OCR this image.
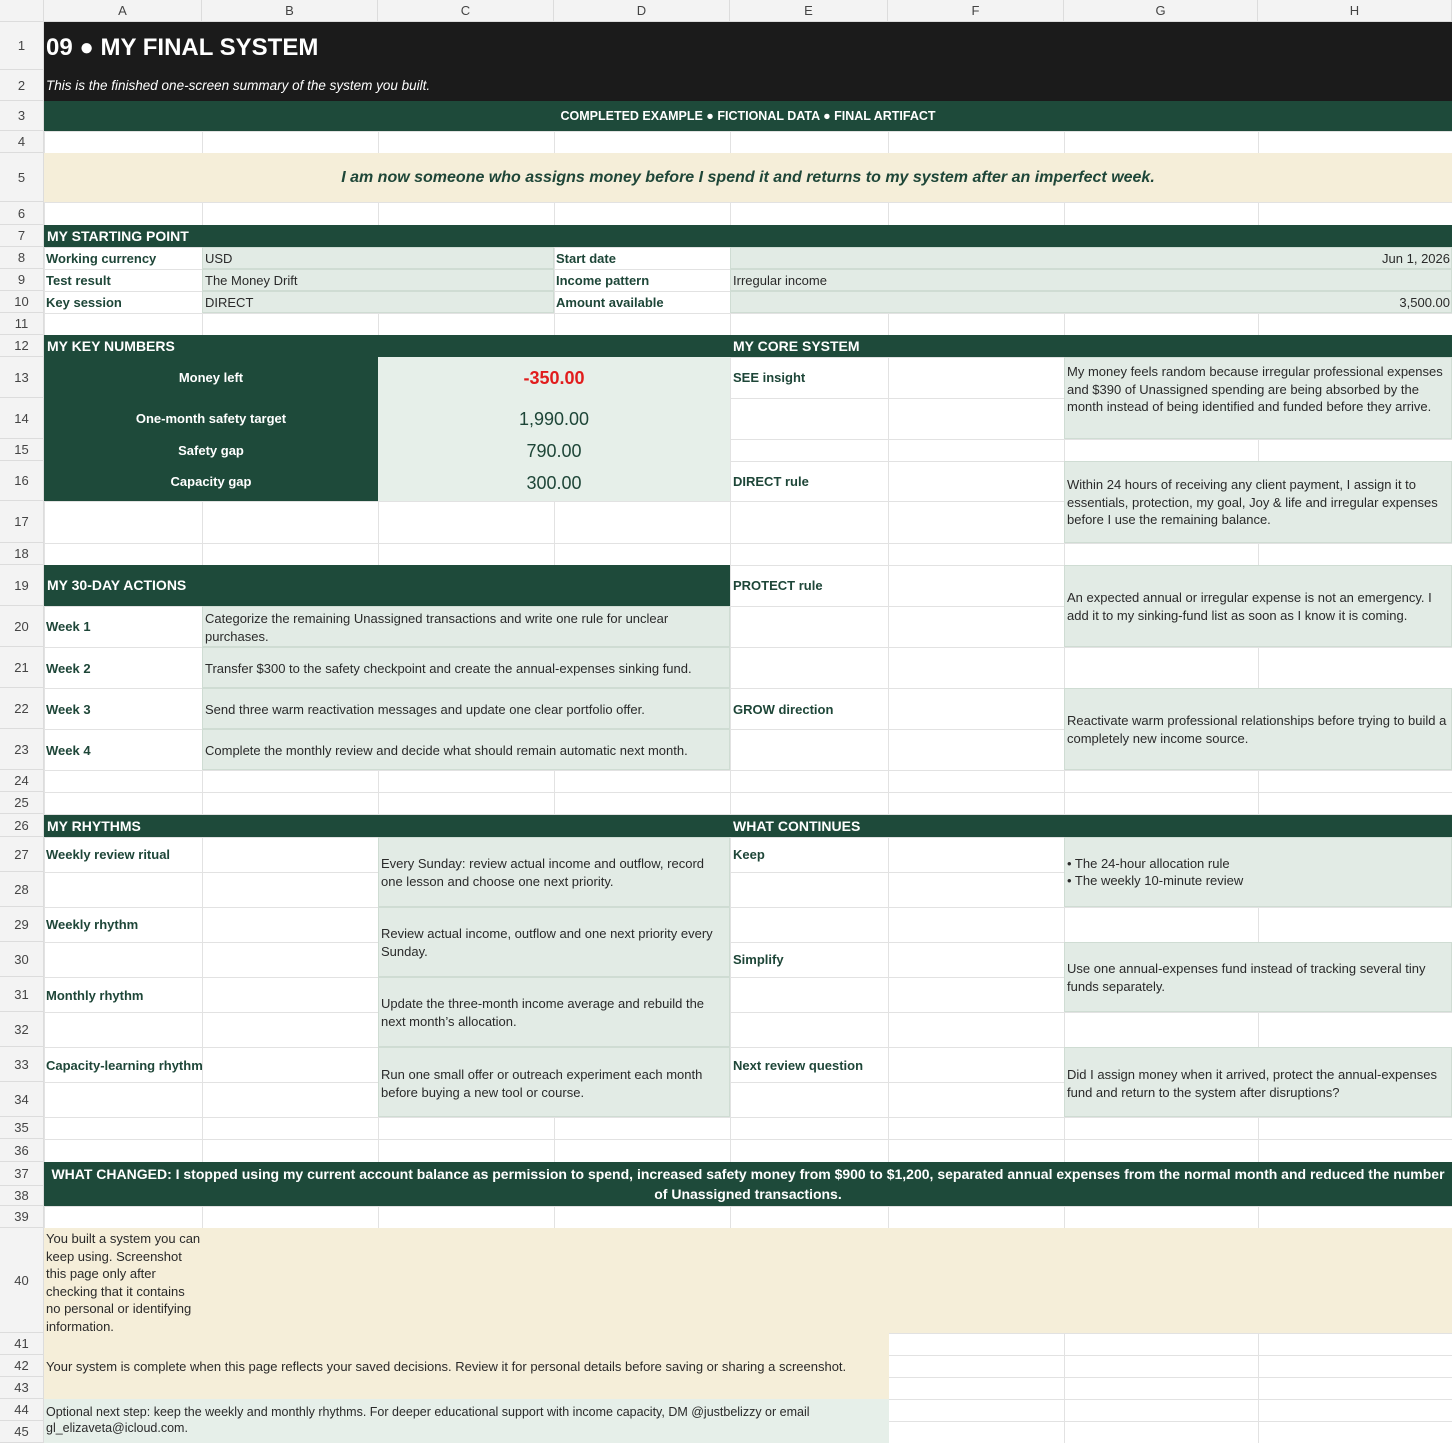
09 ● MY FINAL SYSTEM
This is the finished one-screen summary of the system you built.
COMPLETED EXAMPLE ● FICTIONAL DATA ● FINAL ARTIFACT
I am now someone who assigns money before I spend it and returns to my system after an imperfect week.
MY STARTING POINT
Working currency	USD
Test result	The Money Drift
Key session	DIRECT
Start date	Jun 1, 2026
Income pattern	Irregular income
Amount available	3,500.00
MY KEY NUMBERS
Money left	-350.00
One-month safety target	1,990.00
Safety gap	790.00
Capacity gap	300.00
MY CORE SYSTEM
SEE insight	My money feels random because irregular professional expenses and $390 of Unassigned spending are being absorbed by the month instead of being identified and funded before they arrive.
DIRECT rule	Within 24 hours of receiving any client payment, I assign it to essentials, protection, my goal, Joy & life and irregular expenses before I use the remaining balance.
PROTECT rule
An expected annual or irregular expense is not an emergency. I add it to my sinking-fund list as soon as I know it is coming.
GROW direction
Reactivate warm professional relationships before trying to build a completely new income source.
MY 30-DAY ACTIONS
Week 1
Categorize the remaining Unassigned transactions and write one rule for unclear purchases.
Week 2	Transfer $300 to the safety checkpoint and create the annual-expenses sinking fund.
Week 3	Send three warm reactivation messages and update one clear portfolio offer.
Week 4	Complete the monthly review and decide what should remain automatic next month.
MY RHYTHMS
Weekly review ritual
Every Sunday: review actual income and outflow, record one lesson and choose one next priority.
Weekly rhythm
Review actual income, outflow and one next priority every Sunday.
Monthly rhythm
Update the three-month income average and rebuild the next month’s allocation.
Capacity-learning rhythm
Run one small offer or outreach experiment each month before buying a new tool or course.
WHAT CONTINUES
Keep
• The 24-hour allocation rule
• The weekly 10-minute review
Simplify
Use one annual-expenses fund instead of tracking several tiny funds separately.
Next review question
Did I assign money when it arrived, protect the annual-expenses fund and return to the system after disruptions?
WHAT CHANGED: I stopped using my current account balance as permission to spend, increased safety money from $900 to $1,200, separated annual expenses from the normal month and reduced the number of Unassigned transactions.
You built a system you can keep using. Screenshot this page only after checking that it contains no personal or identifying information.
Your system is complete when this page reflects your saved decisions. Review it for personal details before saving or sharing a screenshot.
Optional next step: keep the weekly and monthly rhythms. For deeper educational support with income capacity, DM @justbelizzy or email gl_elizaveta@icloud.com.
A	B	C	D	E	F	G	H
1
2
3
4
5
6
7
8
9
10
11
12
13
14
15
16
17
18
19
20
21
22
23
24
25
26
27
28
29
30
31
32
33
34
35
36
37
38
39
40
41
42
43
44
45
